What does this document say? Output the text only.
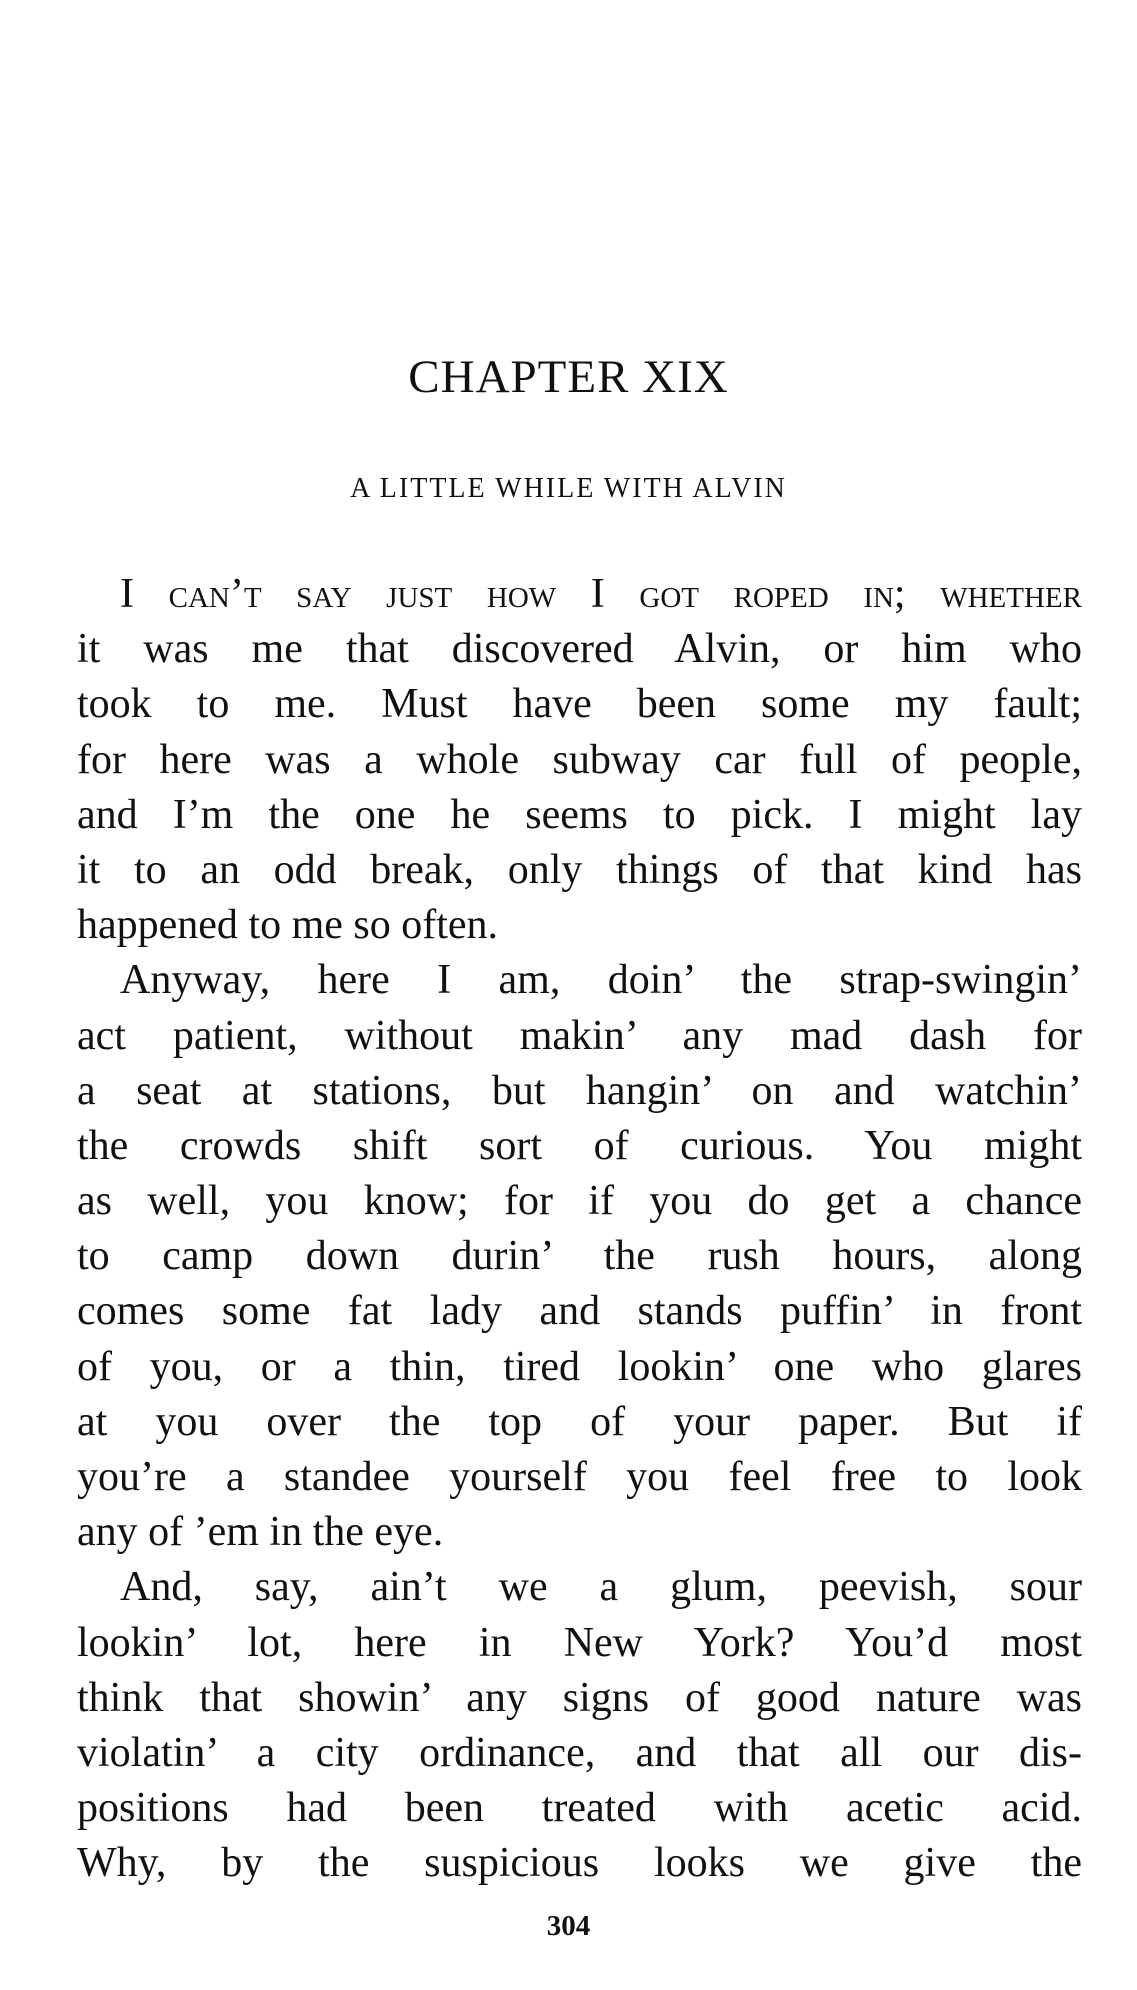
CHAPTER XIX
A LITTLE WHILE WITH ALVIN
I can’t say just how I got roped in; whether
it was me that discovered Alvin, or him who
took to me. Must have been some my fault;
for here was a whole subway car full of people,
and I’m the one he seems to pick. I might lay
it to an odd break, only things of that kind has
happened to me so often.
Anyway, here I am, doin’ the strap-swingin’
act patient, without makin’ any mad dash for
a seat at stations, but hangin’ on and watchin’
the crowds shift sort of curious. You might
as well, you know; for if you do get a chance
to camp down durin’ the rush hours, along
comes some fat lady and stands puffin’ in front
of you, or a thin, tired lookin’ one who glares
at you over the top of your paper. But if
you’re a standee yourself you feel free to look
any of ’em in the eye.
And, say, ain’t we a glum, peevish, sour
lookin’ lot, here in New York? You’d most
think that showin’ any signs of good nature was
violatin’ a city ordinance, and that all our dis-
positions had been treated with acetic acid.
Why, by the suspicious looks we give the
304
